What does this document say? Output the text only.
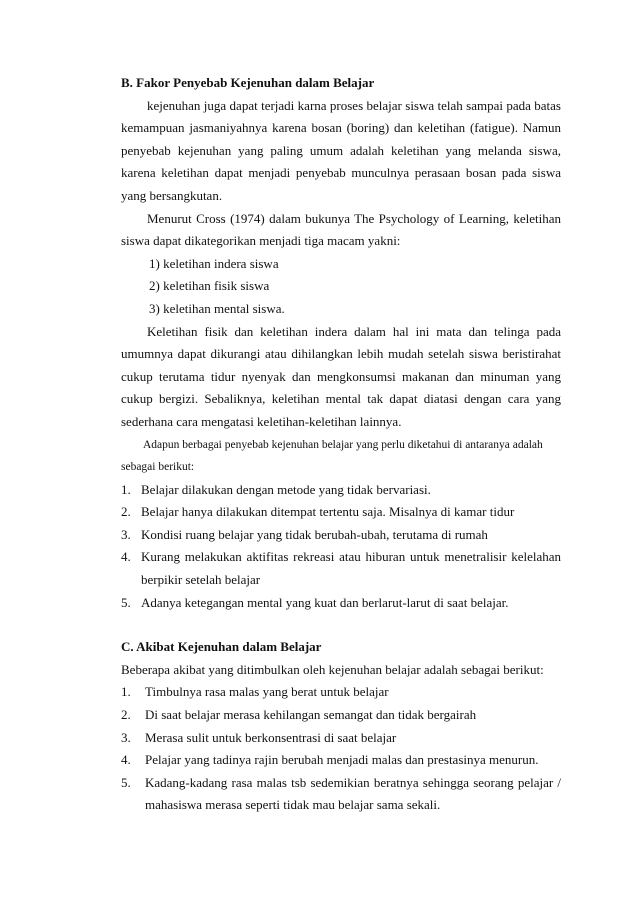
B. Fakor Penyebab Kejenuhan dalam Belajar
kejenuhan juga dapat terjadi karna proses belajar siswa telah sampai pada batas
kemampuan jasmaniyahnya karena bosan (boring) dan keletihan (fatigue). Namun
penyebab kejenuhan yang paling umum adalah keletihan yang melanda siswa,
karena keletihan dapat menjadi penyebab munculnya perasaan bosan pada siswa
yang bersangkutan.
Menurut Cross (1974) dalam bukunya The Psychology of Learning, keletihan
siswa dapat dikategorikan menjadi tiga macam yakni:
1) keletihan indera siswa
2) keletihan fisik siswa
3) keletihan mental siswa.
Keletihan fisik dan keletihan indera dalam hal ini mata dan telinga pada
umumnya dapat dikurangi atau dihilangkan lebih mudah setelah siswa beristirahat
cukup terutama tidur nyenyak dan mengkonsumsi makanan dan minuman yang
cukup bergizi. Sebaliknya, keletihan mental tak dapat diatasi dengan cara yang
sederhana cara mengatasi keletihan-keletihan lainnya.
Adapun berbagai penyebab kejenuhan belajar yang perlu diketahui di antaranya adalah
sebagai berikut:
1. Belajar dilakukan dengan metode yang tidak bervariasi.
2. Belajar hanya dilakukan ditempat tertentu saja. Misalnya di kamar tidur
3. Kondisi ruang belajar yang tidak berubah-ubah, terutama di rumah
4. Kurang melakukan aktifitas rekreasi atau hiburan untuk menetralisir kelelahan
berpikir setelah belajar
5. Adanya ketegangan mental yang kuat dan berlarut-larut di saat belajar.
C. Akibat Kejenuhan dalam Belajar
Beberapa akibat yang ditimbulkan oleh kejenuhan belajar adalah sebagai berikut:
1.	Timbulnya rasa malas yang berat untuk belajar
2.	Di saat belajar merasa kehilangan semangat dan tidak bergairah
3.	Merasa sulit untuk berkonsentrasi di saat belajar
4.	Pelajar yang tadinya rajin berubah menjadi malas dan prestasinya menurun.
5.	Kadang-kadang rasa malas tsb sedemikian beratnya sehingga seorang pelajar /
mahasiswa merasa seperti tidak mau belajar sama sekali.
